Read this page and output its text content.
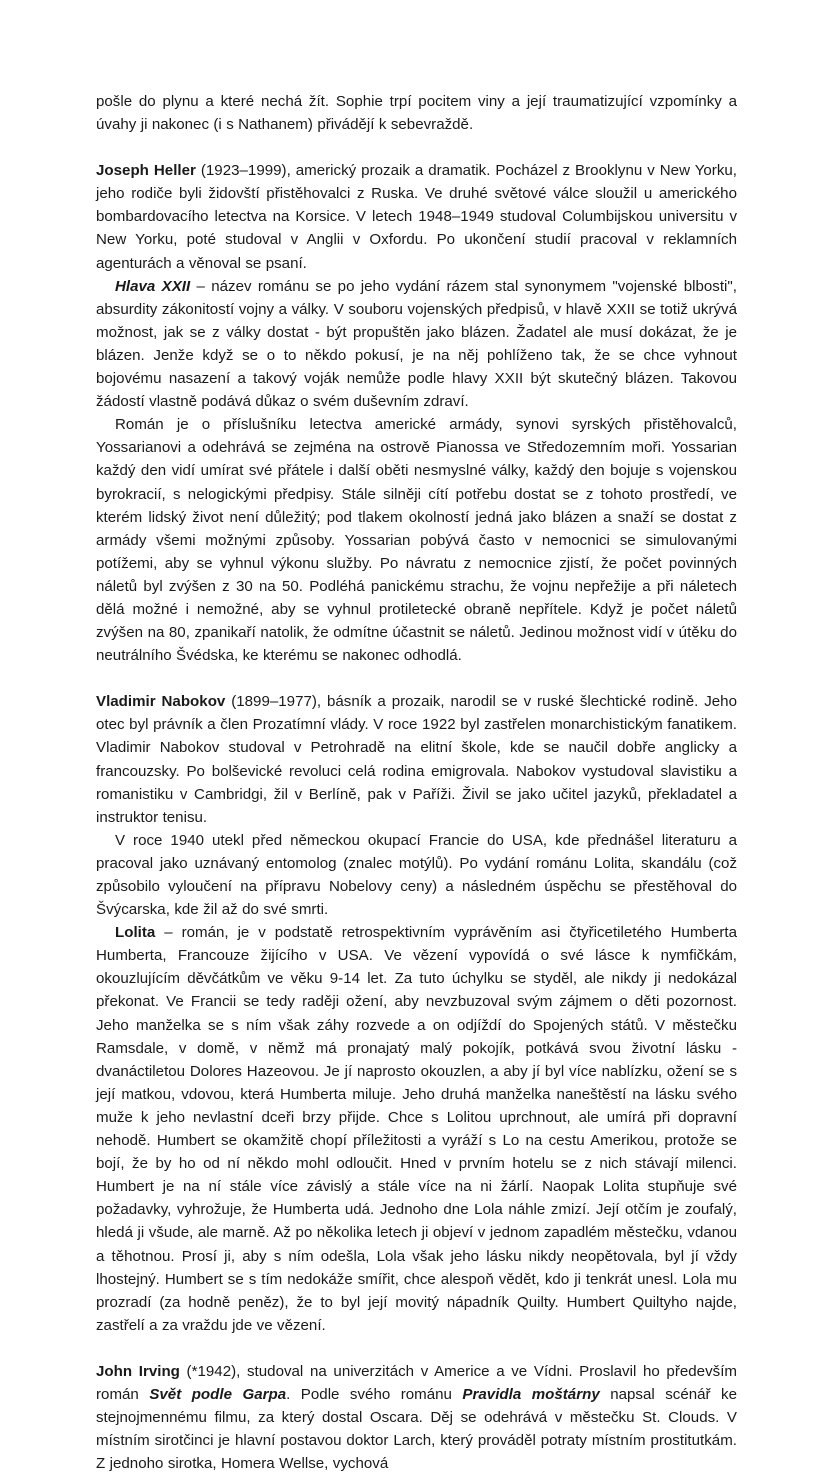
pošle do plynu a které nechá žít. Sophie trpí pocitem viny a její traumatizující vzpomínky a úvahy ji nakonec (i s Nathanem) přivádějí k sebevraždě.

Joseph Heller (1923–1999), americký prozaik a dramatik. Pocházel z Brooklynu v New Yorku, jeho rodiče byli židovští přistěhovalci z Ruska. Ve druhé světové válce sloužil u amerického bombardovacího letectva na Korsice. V letech 1948–1949 studoval Columbijskou universitu v New Yorku, poté studoval v Anglii v Oxfordu. Po ukončení studií pracoval v reklamních agenturách a věnoval se psaní.

Hlava XXII – název románu se po jeho vydání rázem stal synonymem "vojenské blbosti", absurdity zákonitostí vojny a války. V souboru vojenských předpisů, v hlavě XXII se totiž ukrývá možnost, jak se z války dostat - být propuštěn jako blázen. Žadatel ale musí dokázat, že je blázen. Jenže když se o to někdo pokusí, je na něj pohlíženo tak, že se chce vyhnout bojovému nasazení a takový voják nemůže podle hlavy XXII být skutečný blázen. Takovou žádostí vlastně podává důkaz o svém duševním zdraví.

Román je o příslušníku letectva americké armády, synovi syrských přistěhovalců, Yossarianovi a odehrává se zejména na ostrově Pianossa ve Středozemním moři. Yossarian každý den vidí umírat své přátele i další oběti nesmyslné války, každý den bojuje s vojenskou byrokracií, s nelogickými předpisy. Stále silněji cítí potřebu dostat se z tohoto prostředí, ve kterém lidský život není důležitý; pod tlakem okolností jedná jako blázen a snaží se dostat z armády všemi možnými způsoby. Yossarian pobývá často v nemocnici se simulovanými potížemi, aby se vyhnul výkonu služby. Po návratu z nemocnice zjistí, že počet povinných náletů byl zvýšen z 30 na 50. Podléhá panickému strachu, že vojnu nepřežije a při náletech dělá možné i nemožné, aby se vyhnul protiletecké obraně nepřítele. Když je počet náletů zvýšen na 80, zpanikaří natolik, že odmítne účastnit se náletů. Jedinou možnost vidí v útěku do neutrálního Švédska, ke kterému se nakonec odhodlá.

Vladimir Nabokov (1899–1977), básník a prozaik, narodil se v ruské šlechtické rodině. Jeho otec byl právník a člen Prozatímní vlády. V roce 1922 byl zastřelen monarchistickým fanatikem. Vladimir Nabokov studoval v Petrohradě na elitní škole, kde se naučil dobře anglicky a francouzsky. Po bolševické revoluci celá rodina emigrovala. Nabokov vystudoval slavistiku a romanistiku v Cambridgi, žil v Berlíně, pak v Paříži. Živil se jako učitel jazyků, překladatel a instruktor tenisu.

V roce 1940 utekl před německou okupací Francie do USA, kde přednášel literaturu a pracoval jako uznávaný entomolog (znalec motýlů). Po vydání románu Lolita, skandálu (což způsobilo vyloučení na přípravu Nobelovy ceny) a následném úspěchu se přestěhoval do Švýcarska, kde žil až do své smrti.

Lolita – román, je v podstatě retrospektivním vyprávěním asi čtyřicetiletého Humberta Humberta, Francouze žijícího v USA. Ve vězení vypovídá o své lásce k nymfičkám, okouzlujícím děvčátkům ve věku 9-14 let. Za tuto úchylku se styděl, ale nikdy ji nedokázal překonat. Ve Francii se tedy raději ožení, aby nevzbuzoval svým zájmem o děti pozornost. Jeho manželka se s ním však záhy rozvede a on odjíždí do Spojených států. V městečku Ramsdale, v domě, v němž má pronajatý malý pokojík, potkává svou životní lásku - dvanáctiletou Dolores Hazeovou. Je jí naprosto okouzlen, a aby jí byl více nablízku, ožení se s její matkou, vdovou, která Humberta miluje. Jeho druhá manželka naneštěstí na lásku svého muže k jeho nevlastní dceři brzy přijde. Chce s Lolitou uprchnout, ale umírá při dopravní nehodě. Humbert se okamžitě chopí příležitosti a vyráží s Lo na cestu Amerikou, protože se bojí, že by ho od ní někdo mohl odloučit. Hned v prvním hotelu se z nich stávají milenci. Humbert je na ní stále více závislý a stále více na ni žárlí. Naopak Lolita stupňuje své požadavky, vyhrožuje, že Humberta udá. Jednoho dne Lola náhle zmizí. Její otčím je zoufalý, hledá ji všude, ale marně. Až po několika letech ji objeví v jednom zapadlém městečku, vdanou a těhotnou. Prosí ji, aby s ním odešla, Lola však jeho lásku nikdy neopětovala, byl jí vždy lhostejný. Humbert se s tím nedokáže smířit, chce alespoň vědět, kdo ji tenkrát unesl. Lola mu prozradí (za hodně peněz), že to byl její movitý nápadník Quilty. Humbert Quiltyho najde, zastřelí a za vraždu jde ve vězení.

John Irving (*1942), studoval na univerzitách v Americe a ve Vídni. Proslavil ho především román Svět podle Garpa. Podle svého románu Pravidla moštárny napsal scénář ke stejnojmennému filmu, za který dostal Oscara. Děj se odehrává v městečku St. Clouds. V místním sirotčinci je hlavní postavou doktor Larch, který prováděl potraty místním prostitutkám. Z jednoho sirotka, Homera Wellse, vychová
